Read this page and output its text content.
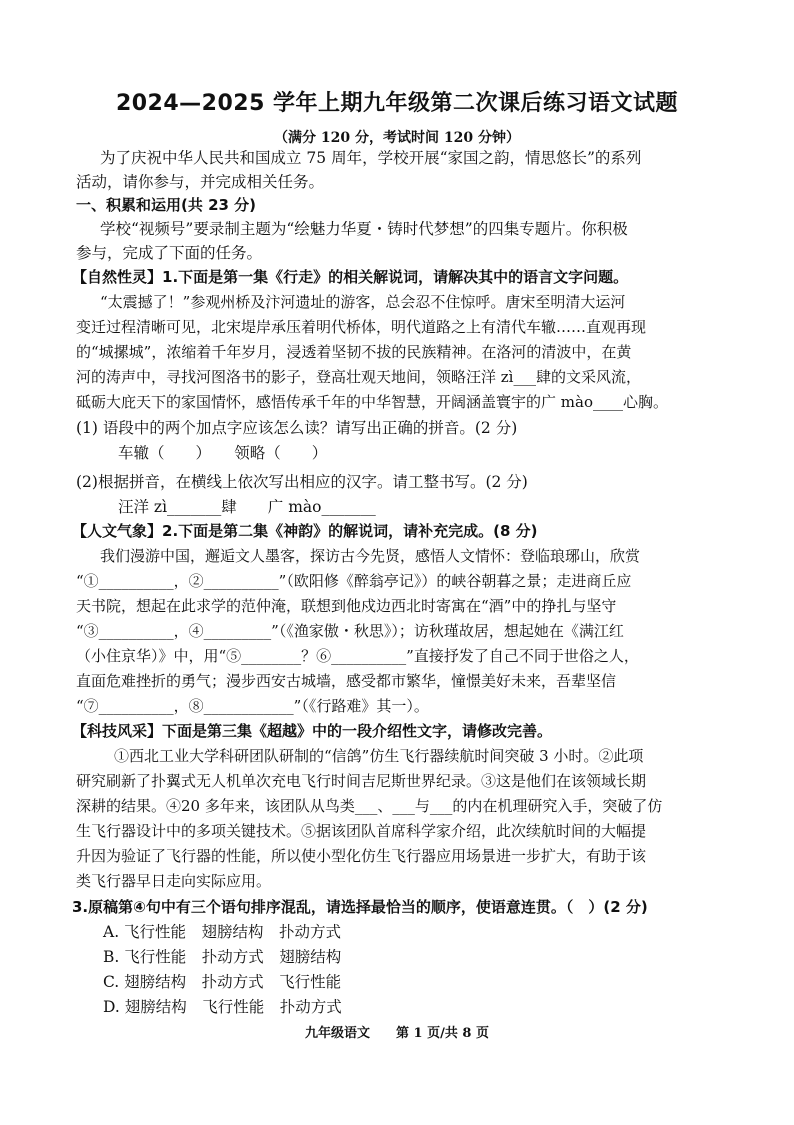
2024—2025 学年上期九年级第二次课后练习语文试题
（满分 120 分，考试时间 120 分钟）
为了庆祝中华人民共和国成立 75 周年，学校开展“家国之韵，情思悠长”的系列
活动，请你参与，并完成相关任务。
一、积累和运用(共 23 分)
学校“视频号”要录制主题为“绘魅力华夏・铸时代梦想”的四集专题片。你积极
参与，完成了下面的任务。
【自然性灵】1.下面是第一集《行走》的相关解说词，请解决其中的语言文字问题。
“太震撼了！”参观州桥及汴河遗址的游客，总会忍不住惊呼。唐宋至明清大运河
变迁过程清晰可见，北宋堤岸承压着明代桥体，明代道路之上有清代车辙……直观再现
的“城摞城”，浓缩着千年岁月，浸透着坚韧不拔的民族精神。在洛河的清波中，在黄
河的涛声中，寻找河图洛书的影子，登高壮观天地间，领略汪洋 zì___肆的文采风流，
砥砺大庇天下的家国情怀，感悟传承千年的中华智慧，开阔涵盖寰宇的广 mào____心胸。
(1) 语段中的两个加点字应该怎么读？请写出正确的拼音。(2 分)
车辙（　　）　　领略（　　）
(2)根据拼音，在横线上依次写出相应的汉字。请工整书写。(2 分)
汪洋 zì_______肆　　广 mào_______
【人文气象】2.下面是第二集《神韵》的解说词，请补充完成。(8 分)
我们漫游中国，邂逅文人墨客，探访古今先贤，感悟人文情怀：登临琅琊山，欣赏
“①__________，②__________”（欧阳修《醉翁亭记》）的峡谷朝暮之景；走进商丘应
天书院，想起在此求学的范仲淹，联想到他戍边西北时寄寓在“酒”中的挣扎与坚守
“③__________，④_________”（《渔家傲・秋思》）；访秋瑾故居，想起她在《满江红
（小住京华）》中，用“⑤________？⑥__________”直接抒发了自己不同于世俗之人，
直面危难挫折的勇气；漫步西安古城墙，感受都市繁华，憧憬美好未来，吾辈坚信
“⑦__________，⑧____________”（《行路难》其一）。
【科技风采】下面是第三集《超越》中的一段介绍性文字，请修改完善。
①西北工业大学科研团队研制的“信鸽”仿生飞行器续航时间突破 3 小时。②此项
研究刷新了扑翼式无人机单次充电飞行时间吉尼斯世界纪录。③这是他们在该领域长期
深耕的结果。④20 多年来，该团队从鸟类___、___与___的内在机理研究入手，突破了仿
生飞行器设计中的多项关键技术。⑤据该团队首席科学家介绍，此次续航时间的大幅提
升因为验证了飞行器的性能，所以使小型化仿生飞行器应用场景进一步扩大，有助于该
类飞行器早日走向实际应用。
3.原稿第④句中有三个语句排序混乱，请选择最恰当的顺序，使语意连贯。（　）(2 分)
A. 飞行性能　翅膀结构　扑动方式
B. 飞行性能　扑动方式　翅膀结构
C. 翅膀结构　扑动方式　飞行性能
D. 翅膀结构　飞行性能　扑动方式
九年级语文　　第 1 页/共 8 页
